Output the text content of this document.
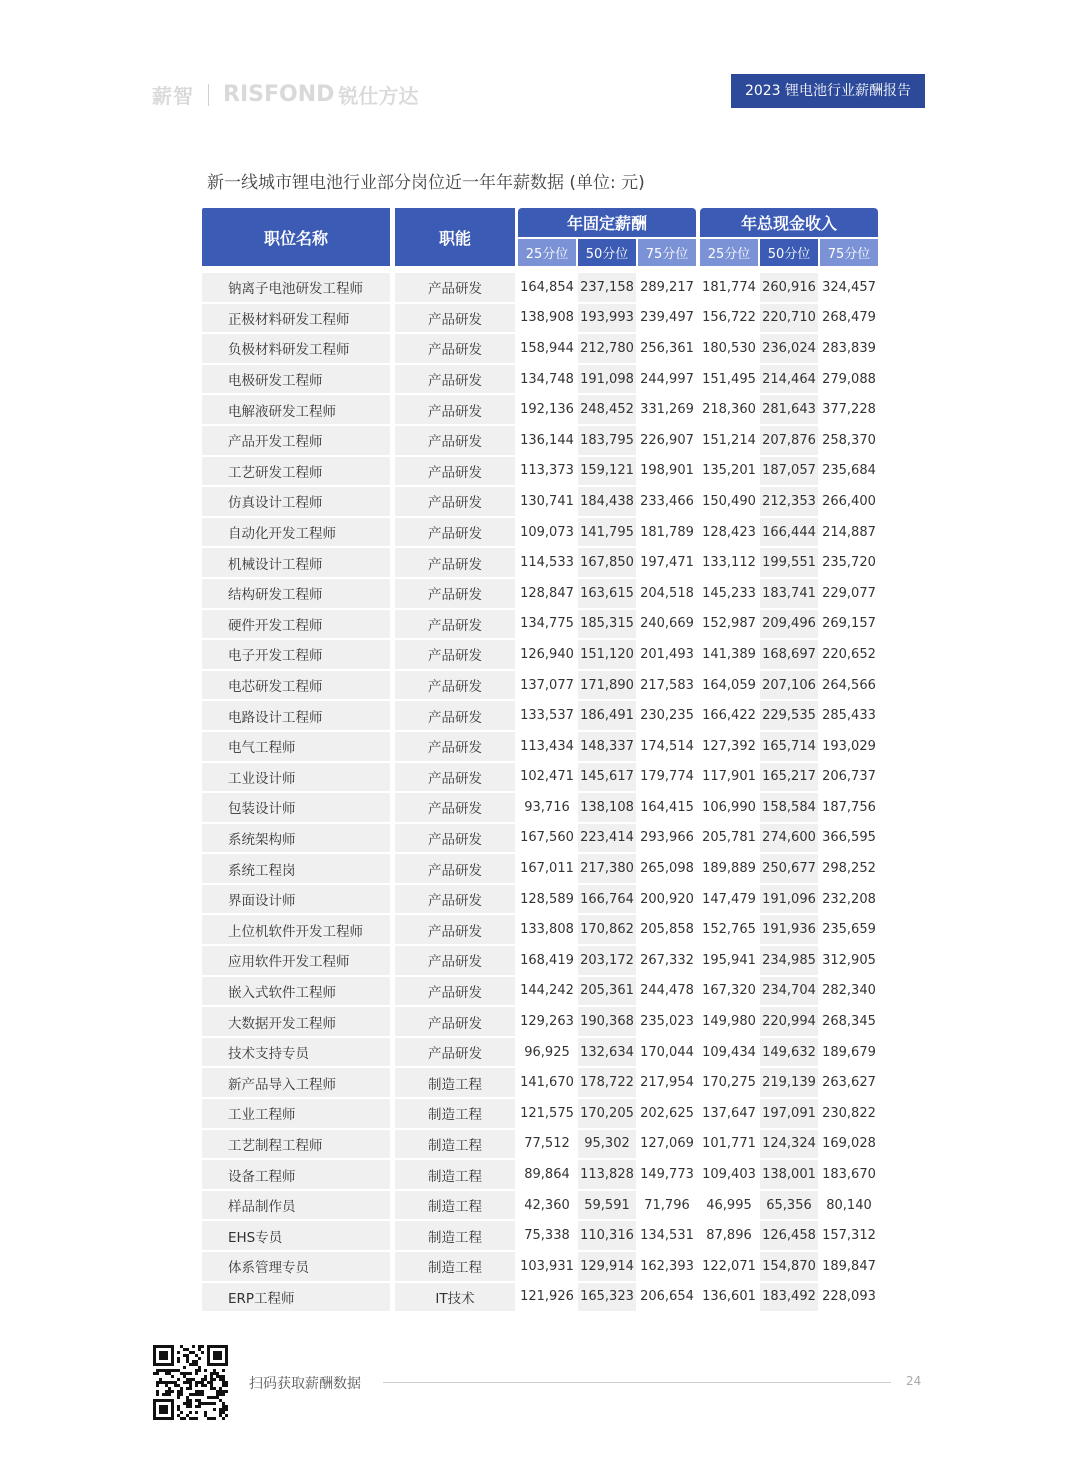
薪智 RISFOND 锐仕方达	2023 锂电池行业薪酬报告
新一线城市锂电池行业部分岗位近一年年薪数据 (单位: 元)
职位名称	职能
年固定薪酬	年总现金收入
25分位	50分位	75分位	25分位	50分位	75分位
钠离子电池研发工程师	产品研发	164,854 237,158 289,217 181,774 260,916 324,457
正极材料研发工程师	产品研发	138,908 193,993 239,497 156,722 220,710 268,479
负极材料研发工程师	产品研发	158,944 212,780 256,361 180,530 236,024 283,839
电极研发工程师	产品研发	134,748 191,098 244,997 151,495 214,464 279,088
电解液研发工程师	产品研发	192,136 248,452 331,269 218,360 281,643 377,228
产品开发工程师	产品研发	136,144 183,795 226,907 151,214 207,876 258,370
工艺研发工程师	产品研发	113,373 159,121 198,901 135,201 187,057 235,684
仿真设计工程师	产品研发	130,741 184,438 233,466 150,490 212,353 266,400
自动化开发工程师	产品研发	109,073 141,795 181,789 128,423 166,444 214,887
机械设计工程师	产品研发	114,533 167,850 197,471 133,112 199,551 235,720
结构研发工程师	产品研发	128,847 163,615 204,518 145,233 183,741 229,077
硬件开发工程师	产品研发	134,775 185,315 240,669 152,987 209,496 269,157
电子开发工程师	产品研发	126,940 151,120 201,493 141,389 168,697 220,652
电芯研发工程师	产品研发	137,077 171,890 217,583 164,059 207,106 264,566
电路设计工程师	产品研发	133,537 186,491 230,235 166,422 229,535 285,433
电气工程师	产品研发	113,434 148,337 174,514 127,392 165,714 193,029
工业设计师	产品研发	102,471 145,617 179,774 117,901 165,217 206,737
包装设计师	产品研发	93,716 138,108 164,415 106,990 158,584 187,756
系统架构师	产品研发	167,560 223,414 293,966 205,781 274,600 366,595
系统工程岗	产品研发	167,011 217,380 265,098 189,889 250,677 298,252
界面设计师	产品研发	128,589 166,764 200,920 147,479 191,096 232,208
上位机软件开发工程师	产品研发	133,808 170,862 205,858 152,765 191,936 235,659
应用软件开发工程师	产品研发	168,419 203,172 267,332 195,941 234,985 312,905
嵌入式软件工程师	产品研发	144,242 205,361 244,478 167,320 234,704 282,340
大数据开发工程师	产品研发	129,263 190,368 235,023 149,980 220,994 268,345
技术支持专员	产品研发	96,925 132,634 170,044 109,434 149,632 189,679
新产品导入工程师	制造工程	141,670 178,722 217,954 170,275 219,139 263,627
工业工程师	制造工程	121,575 170,205 202,625 137,647 197,091 230,822
工艺制程工程师	制造工程	77,512	95,302 127,069 101,771 124,324 169,028
设备工程师	制造工程	89,864 113,828 149,773 109,403 138,001 183,670
样品制作员	制造工程	42,360	59,591	71,796	46,995	65,356	80,140
EHS专员	制造工程	75,338 110,316 134,531 87,896 126,458 157,312
体系管理专员	制造工程	103,931 129,914 162,393 122,071 154,870 189,847
ERP工程师	IT技术	121,926 165,323 206,654 136,601 183,492 228,093
扫码获取薪酬数据	24
